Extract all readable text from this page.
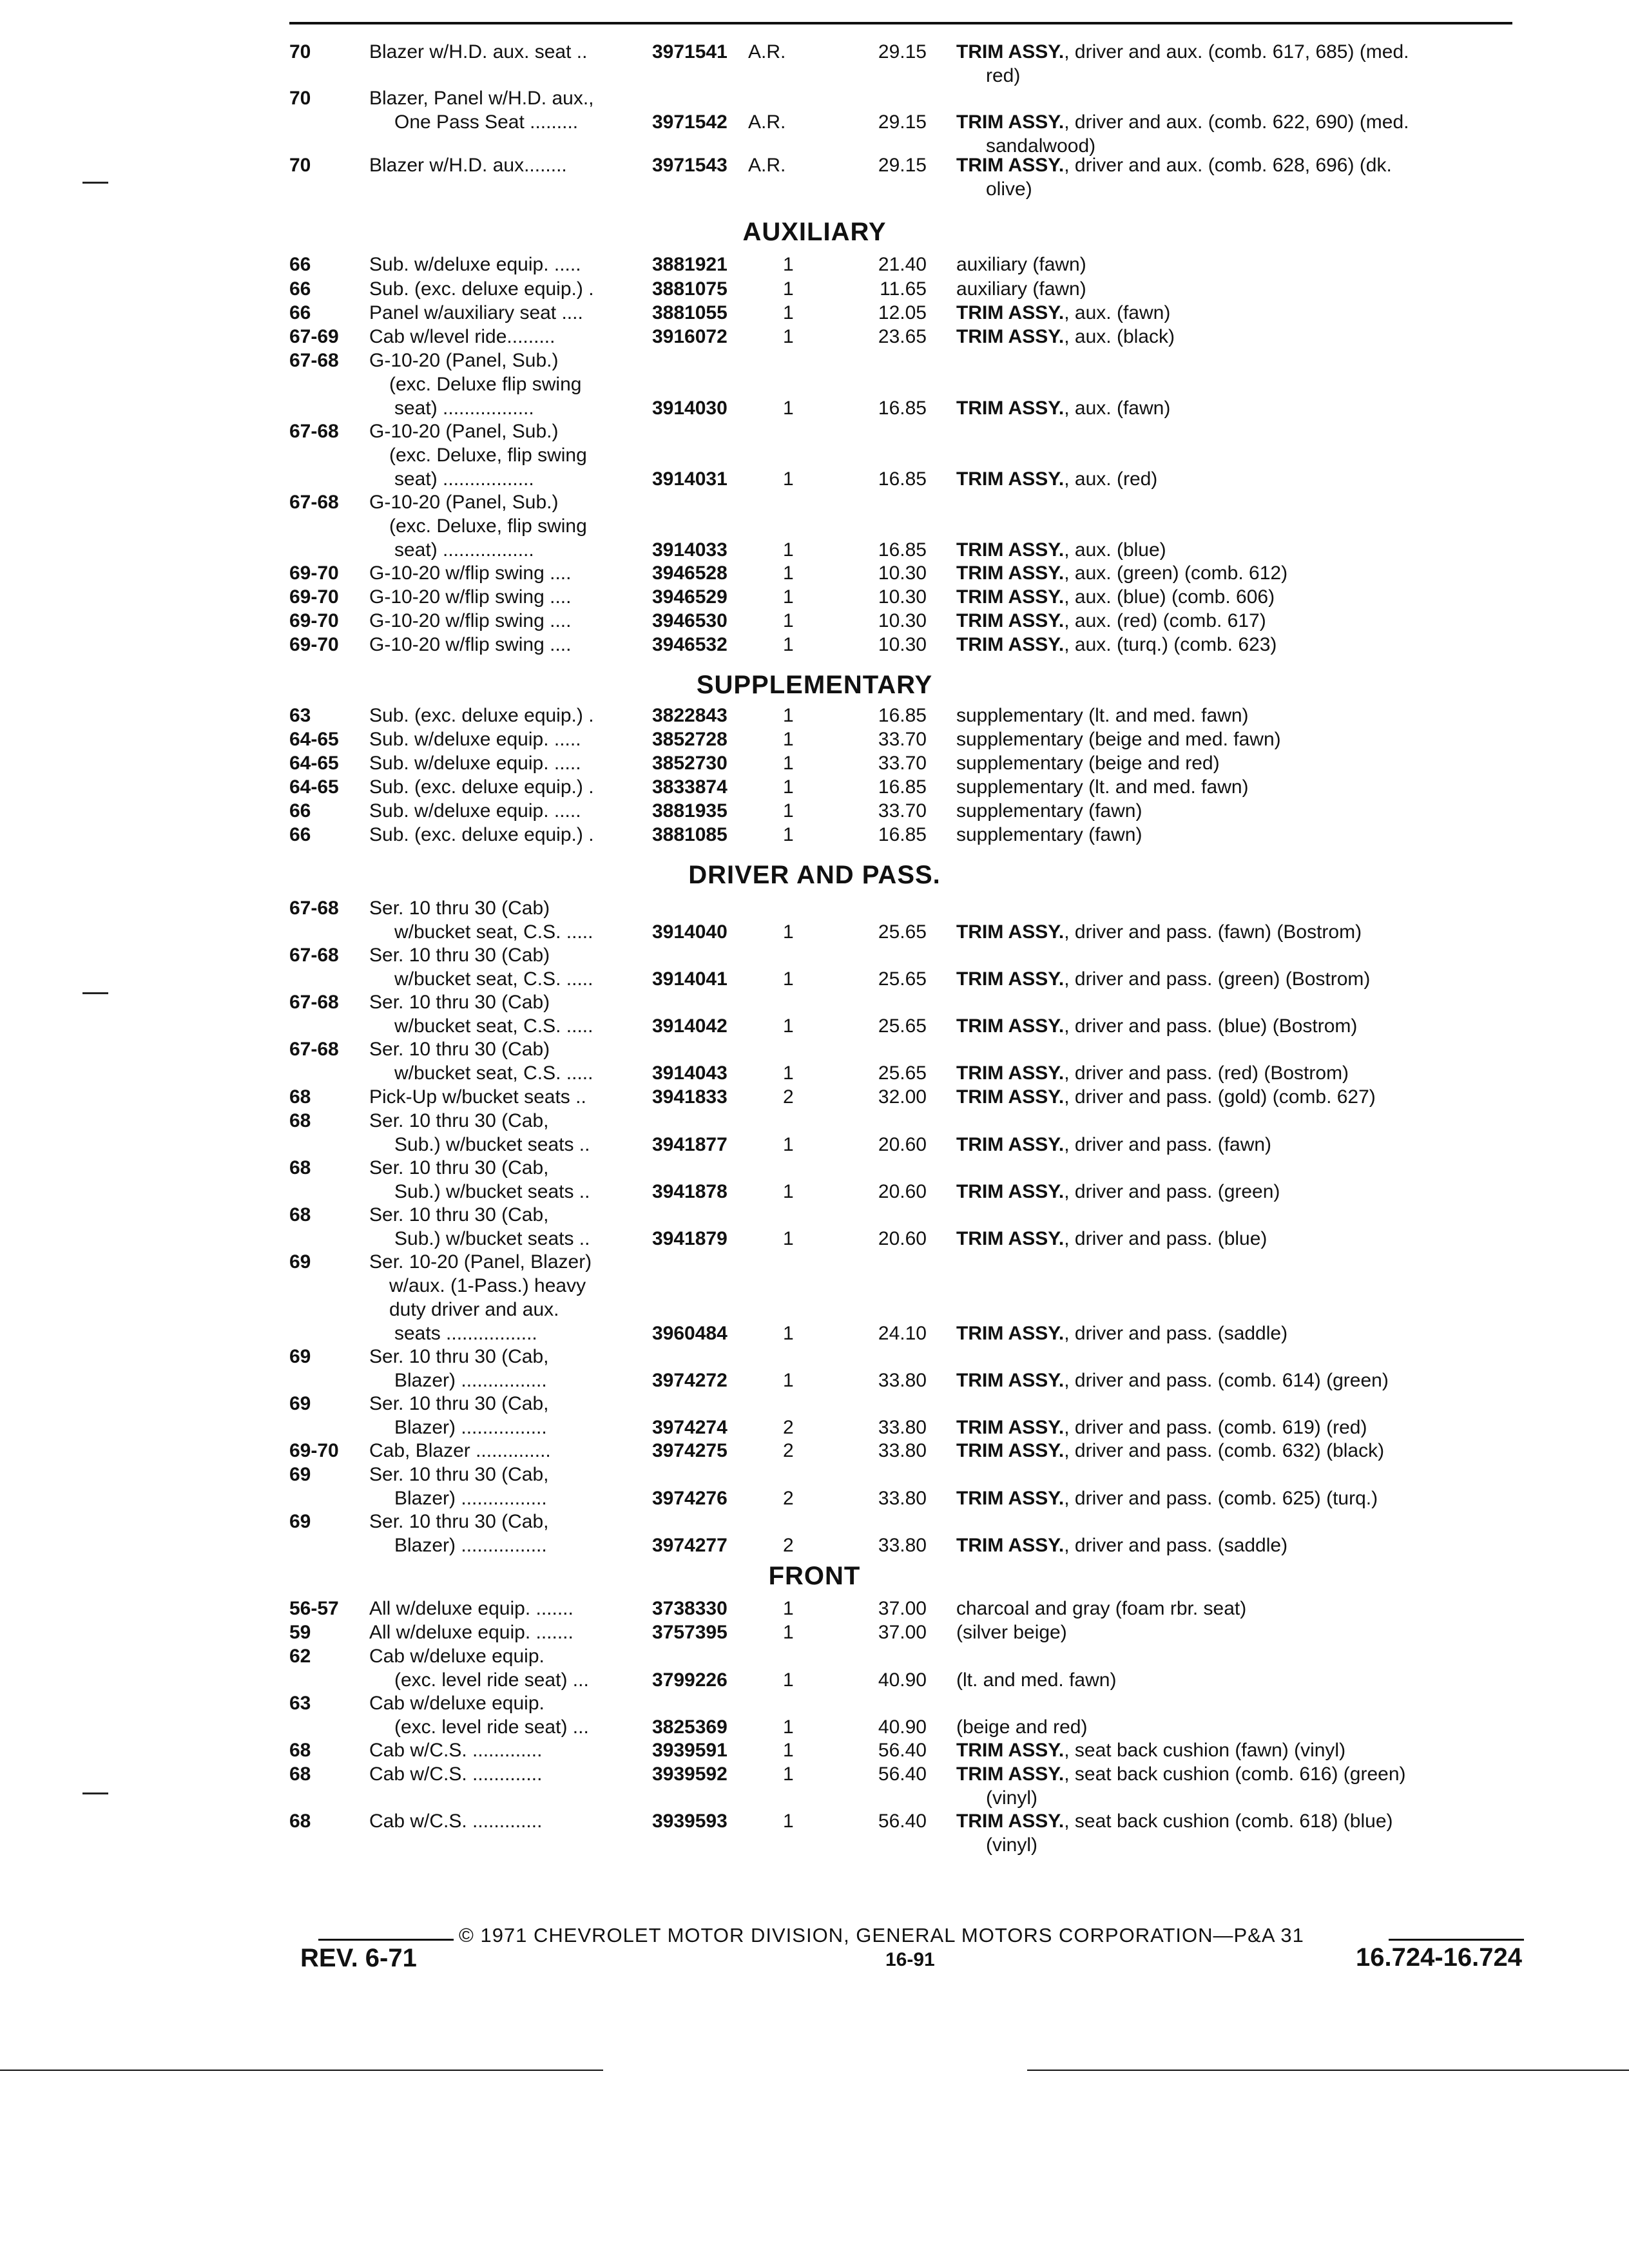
70	Blazer w/H.D. aux. seat ..	3971541 A.R.	29.15 TRIM ASSY., driver and aux. (comb. 617, 685) (med.
red)
70	Blazer, Panel w/H.D. aux.,
One Pass Seat .........	3971542 A.R.	29.15 TRIM ASSY., driver and aux. (comb. 622, 690) (med.
sandalwood)
70	Blazer w/H.D. aux........	3971543 A.R.	29.15 TRIM ASSY., driver and aux. (comb. 628, 696) (dk.
olive)
AUXILIARY
66	Sub. w/deluxe equip. .....	3881921	1	21.40 auxiliary (fawn)
66	Sub. (exc. deluxe equip.) .	3881075	1	11.65 auxiliary (fawn)
66	Panel w/auxiliary seat ....	3881055	1	12.05 TRIM ASSY., aux. (fawn)
67-69 Cab w/level ride.........	3916072	1	23.65 TRIM ASSY., aux. (black)
67-68 G-10-20 (Panel, Sub.)
(exc. Deluxe flip swing
seat) .................	3914030	1	16.85 TRIM ASSY., aux. (fawn)
67-68 G-10-20 (Panel, Sub.)
(exc. Deluxe, flip swing
seat) .................	3914031	1	16.85 TRIM ASSY., aux. (red)
67-68 G-10-20 (Panel, Sub.)
(exc. Deluxe, flip swing
seat) .................	3914033	1	16.85 TRIM ASSY., aux. (blue)
69-70 G-10-20 w/flip swing ....	3946528	1	10.30 TRIM ASSY., aux. (green) (comb. 612)
69-70 G-10-20 w/flip swing ....	3946529	1	10.30 TRIM ASSY., aux. (blue) (comb. 606)
69-70 G-10-20 w/flip swing ....	3946530	1	10.30 TRIM ASSY., aux. (red) (comb. 617)
69-70 G-10-20 w/flip swing ....	3946532	1	10.30 TRIM ASSY., aux. (turq.) (comb. 623)
SUPPLEMENTARY
63	Sub. (exc. deluxe equip.) .	3822843	1	16.85 supplementary (lt. and med. fawn)
64-65 Sub. w/deluxe equip. .....	3852728	1	33.70 supplementary (beige and med. fawn)
64-65 Sub. w/deluxe equip. .....	3852730	1	33.70 supplementary (beige and red)
64-65 Sub. (exc. deluxe equip.) .	3833874	1	16.85 supplementary (lt. and med. fawn)
66	Sub. w/deluxe equip. .....	3881935	1	33.70 supplementary (fawn)
66	Sub. (exc. deluxe equip.) .	3881085	1	16.85 supplementary (fawn)
DRIVER AND PASS.
67-68 Ser. 10 thru 30 (Cab)
w/bucket seat, C.S. .....	3914040	1	25.65 TRIM ASSY., driver and pass. (fawn) (Bostrom)
67-68 Ser. 10 thru 30 (Cab)
w/bucket seat, C.S. .....	3914041	1	25.65 TRIM ASSY., driver and pass. (green) (Bostrom)
67-68 Ser. 10 thru 30 (Cab)
w/bucket seat, C.S. .....	3914042	1	25.65 TRIM ASSY., driver and pass. (blue) (Bostrom)
67-68 Ser. 10 thru 30 (Cab)
w/bucket seat, C.S. .....	3914043	1	25.65 TRIM ASSY., driver and pass. (red) (Bostrom)
68	Pick-Up w/bucket seats ..	3941833	2	32.00 TRIM ASSY., driver and pass. (gold) (comb. 627)
68	Ser. 10 thru 30 (Cab,
Sub.) w/bucket seats ..	3941877	1	20.60 TRIM ASSY., driver and pass. (fawn)
68	Ser. 10 thru 30 (Cab,
Sub.) w/bucket seats ..	3941878	1	20.60 TRIM ASSY., driver and pass. (green)
68	Ser. 10 thru 30 (Cab,
Sub.) w/bucket seats ..	3941879	1	20.60 TRIM ASSY., driver and pass. (blue)
69	Ser. 10-20 (Panel, Blazer)
w/aux. (1-Pass.) heavy
duty driver and aux.
seats .................	3960484	1	24.10 TRIM ASSY., driver and pass. (saddle)
69	Ser. 10 thru 30 (Cab,
Blazer) ................	3974272	1	33.80 TRIM ASSY., driver and pass. (comb. 614) (green)
69	Ser. 10 thru 30 (Cab,
Blazer) ................	3974274	2	33.80 TRIM ASSY., driver and pass. (comb. 619) (red)
69-70 Cab, Blazer ..............	3974275	2	33.80 TRIM ASSY., driver and pass. (comb. 632) (black)
69	Ser. 10 thru 30 (Cab,
Blazer) ................	3974276	2	33.80 TRIM ASSY., driver and pass. (comb. 625) (turq.)
69	Ser. 10 thru 30 (Cab,
Blazer) ................	3974277	2	33.80 TRIM ASSY., driver and pass. (saddle)
FRONT
56-57 All w/deluxe equip. .......	3738330	1	37.00 charcoal and gray (foam rbr. seat)
59	All w/deluxe equip. .......	3757395	1	37.00 (silver beige)
62	Cab w/deluxe equip.
(exc. level ride seat) ...	3799226	1	40.90 (lt. and med. fawn)
63	Cab w/deluxe equip.
(exc. level ride seat) ...	3825369	1	40.90 (beige and red)
68	Cab w/C.S. .............	3939591	1	56.40 TRIM ASSY., seat back cushion (fawn) (vinyl)
68	Cab w/C.S. .............	3939592	1	56.40 TRIM ASSY., seat back cushion (comb. 616) (green)
(vinyl)
68	Cab w/C.S. .............	3939593	1	56.40 TRIM ASSY., seat back cushion (comb. 618) (blue)
(vinyl)
© 1971 CHEVROLET MOTOR DIVISION, GENERAL MOTORS CORPORATION—P&A 31
REV. 6-71	16-91	16.724-16.724
